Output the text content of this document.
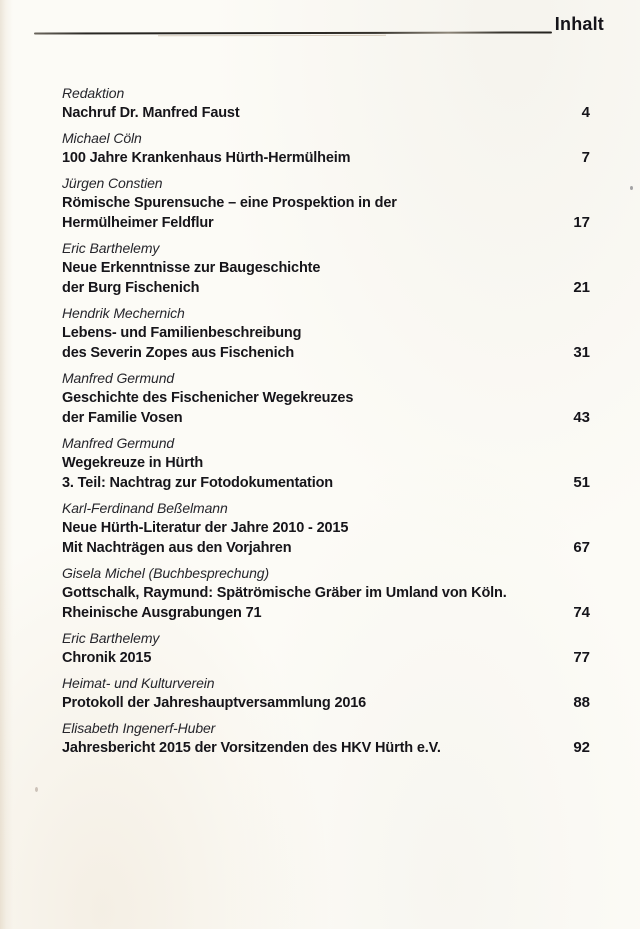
Inhalt
Redaktion
Nachruf Dr. Manfred Faust	4
Michael Cöln
100 Jahre Krankenhaus Hürth-Hermülheim	7
Jürgen Constien
Römische Spurensuche – eine Prospektion in der
Hermülheimer Feldflur	17
Eric Barthelemy
Neue Erkenntnisse zur Baugeschichte
der Burg Fischenich	21
Hendrik Mechernich
Lebens- und Familienbeschreibung
des Severin Zopes aus Fischenich	31
Manfred Germund
Geschichte des Fischenicher Wegekreuzes
der Familie Vosen	43
Manfred Germund
Wegekreuze in Hürth
3. Teil: Nachtrag zur Fotodokumentation	51
Karl-Ferdinand Beßelmann
Neue Hürth-Literatur der Jahre 2010 - 2015
Mit Nachträgen aus den Vorjahren	67
Gisela Michel (Buchbesprechung)
Gottschalk, Raymund: Spätrömische Gräber im Umland von Köln.
Rheinische Ausgrabungen 71	74
Eric Barthelemy
Chronik 2015	77
Heimat- und Kulturverein
Protokoll der Jahreshauptversammlung 2016	88
Elisabeth Ingenerf-Huber
Jahresbericht 2015 der Vorsitzenden des HKV Hürth e.V.	92
